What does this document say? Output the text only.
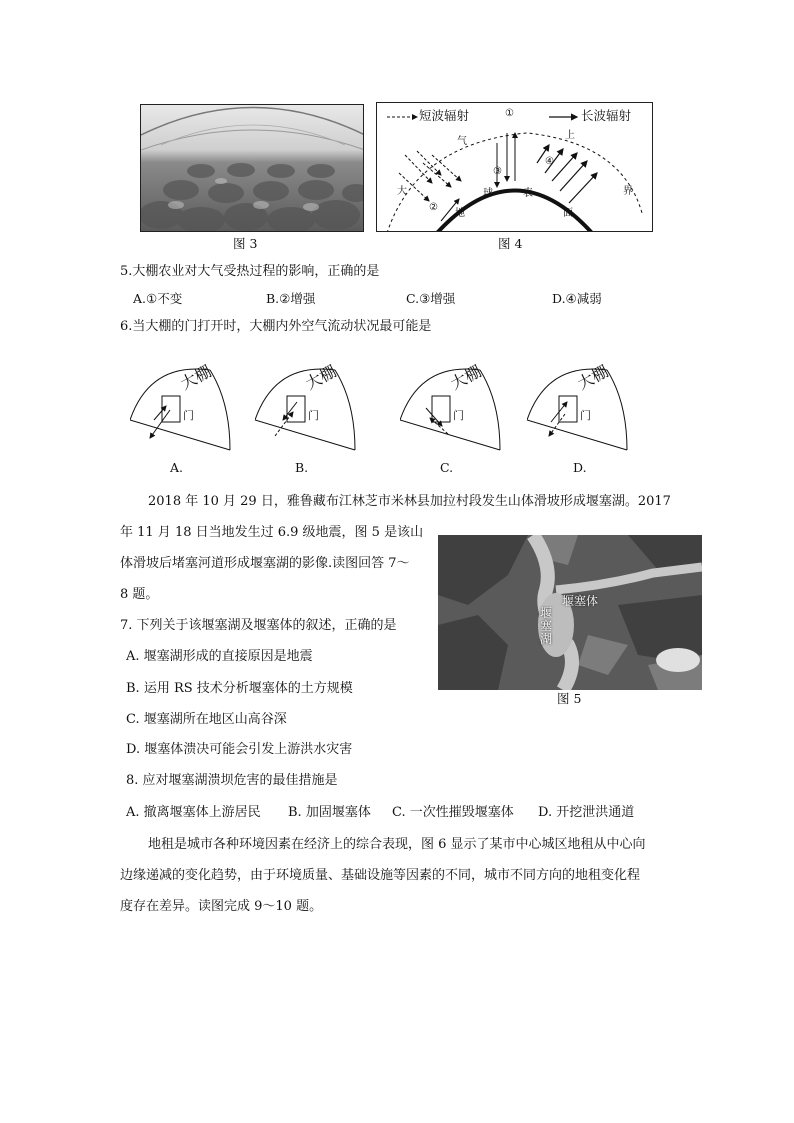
图 3
短波辐射	长波辐射
①
③
②
④
大
气
上
界
地
球	表
面
图 4
5.大棚农业对大气受热过程的影响，正确的是
A.①不变	B.②增强	C.③增强	D.④减弱
6.当大棚的门打开时，大棚内外空气流动状况最可能是
大棚	大棚	大棚	大棚
门	门	门	门
A.	B.	C.	D.
2018 年 10 月 29 日，雅鲁藏布江林芝市米林县加拉村段发生山体滑坡形成堰塞湖。2017
年 11 月 18 日当地发生过 6.9 级地震，图 5 是该山
体滑坡后堵塞河道形成堰塞湖的影像.读图回答 7～
8 题。	堰塞体
堰塞湖
图 5
7. 下列关于该堰塞湖及堰塞体的叙述，正确的是
A. 堰塞湖形成的直接原因是地震
B. 运用 RS 技术分析堰塞体的土方规模
C. 堰塞湖所在地区山高谷深
D. 堰塞体溃决可能会引发上游洪水灾害
8. 应对堰塞湖溃坝危害的最佳措施是
A. 撤离堰塞体上游居民 B. 加固堰塞体 C. 一次性摧毁堰塞体 D. 开挖泄洪通道
地租是城市各种环境因素在经济上的综合表现，图 6 显示了某市中心城区地租从中心向
边缘递减的变化趋势，由于环境质量、基础设施等因素的不同，城市不同方向的地租变化程
度存在差异。读图完成 9～10 题。
